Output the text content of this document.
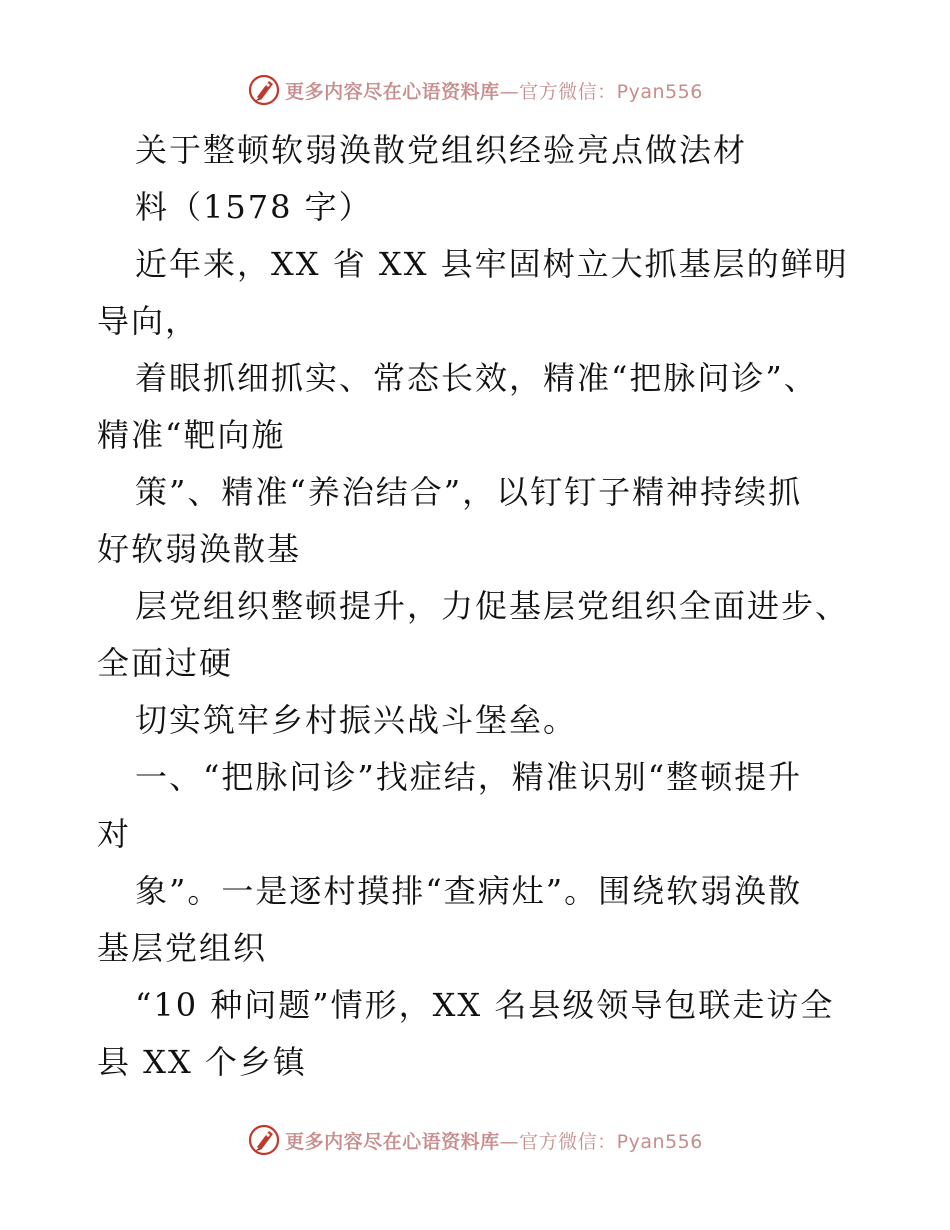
更多内容尽在心语资料库—官方微信：Pyan556
关于整顿软弱涣散党组织经验亮点做法材
料（1578 字）
近年来，XX 省 XX 县牢固树立大抓基层的鲜明
导向，
着眼抓细抓实、常态长效，精准“把脉问诊”、
精准“靶向施
策”、精准“养治结合”，以钉钉子精神持续抓
好软弱涣散基
层党组织整顿提升，力促基层党组织全面进步、
全面过硬
切实筑牢乡村振兴战斗堡垒。
一、“把脉问诊”找症结，精准识别“整顿提升
对
象”。一是逐村摸排“查病灶”。围绕软弱涣散
基层党组织
“10 种问题”情形，XX 名县级领导包联走访全
县 XX 个乡镇
更多内容尽在心语资料库—官方微信：Pyan556
